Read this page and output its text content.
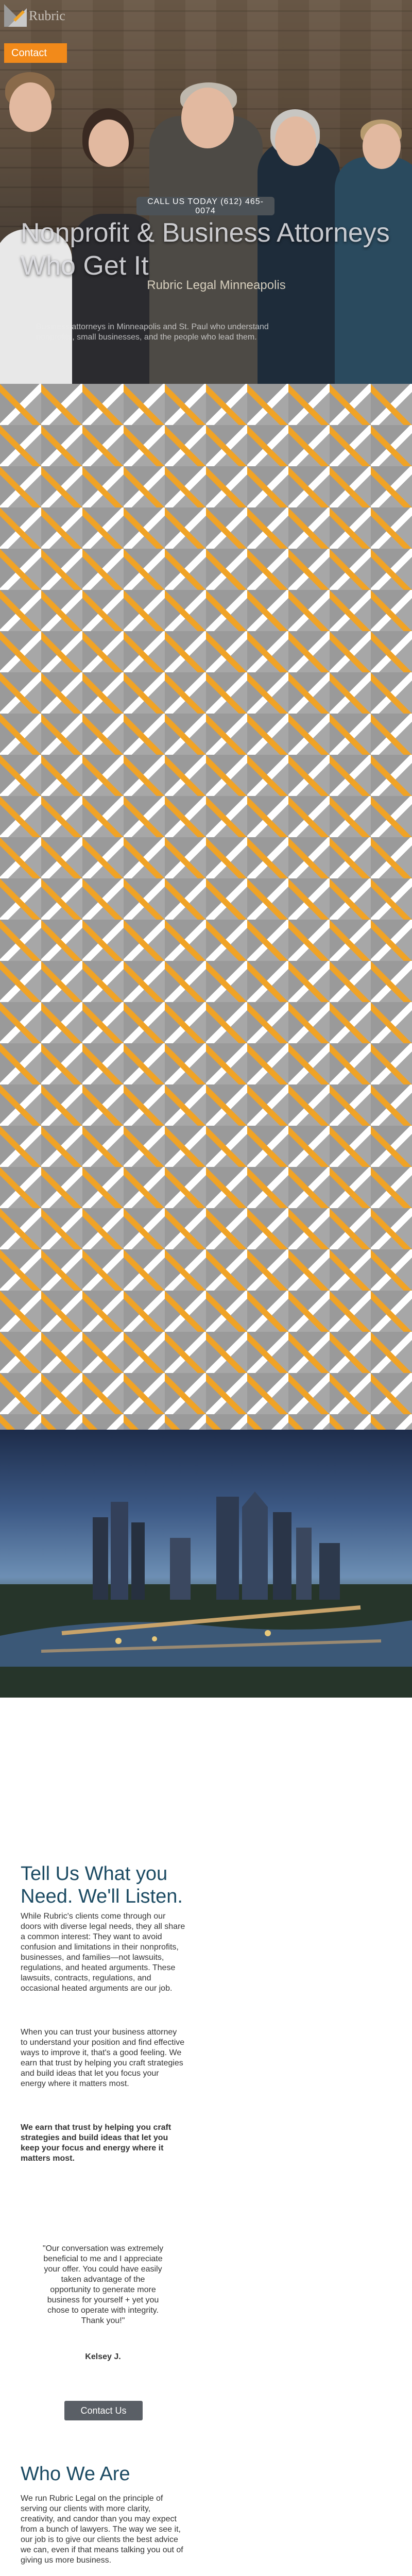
Rubric
Contact
CALL US TODAY (612) 465-0074
Nonprofit & Business Attorneys Who Get It
Rubric Legal Minneapolis
Business attorneys in Minneapolis and St. Paul who understand nonprofits, small businesses, and the people who lead them.
Tell Us What you Need. We'll Listen.

While Rubric's clients come through our doors with diverse legal needs, they all share a common interest: They want to avoid confusion and limitations in their nonprofits, businesses, and families—not lawsuits, regulations, and heated arguments. These lawsuits, contracts, regulations, and occasional heated arguments are our job.

When you can trust your business attorney to understand your position and find effective ways to improve it, that's a good feeling. We earn that trust by helping you craft strategies and build ideas that let you focus your energy where it matters most.

We earn that trust by helping you craft strategies and build ideas that let you keep your focus and energy where it matters most.

"Our conversation was extremely beneficial to me and I appreciate your offer. You could have easily taken advantage of the opportunity to generate more business for yourself + yet you chose to operate with integrity. Thank you!"

Kelsey J.
Contact Us
Who We Are

We run Rubric Legal on the principle of serving our clients with more clarity, creativity, and candor than you may expect from a bunch of lawyers. The way we see it, our job is to give our clients the best advice we can, even if that means talking you out of giving us more business.
